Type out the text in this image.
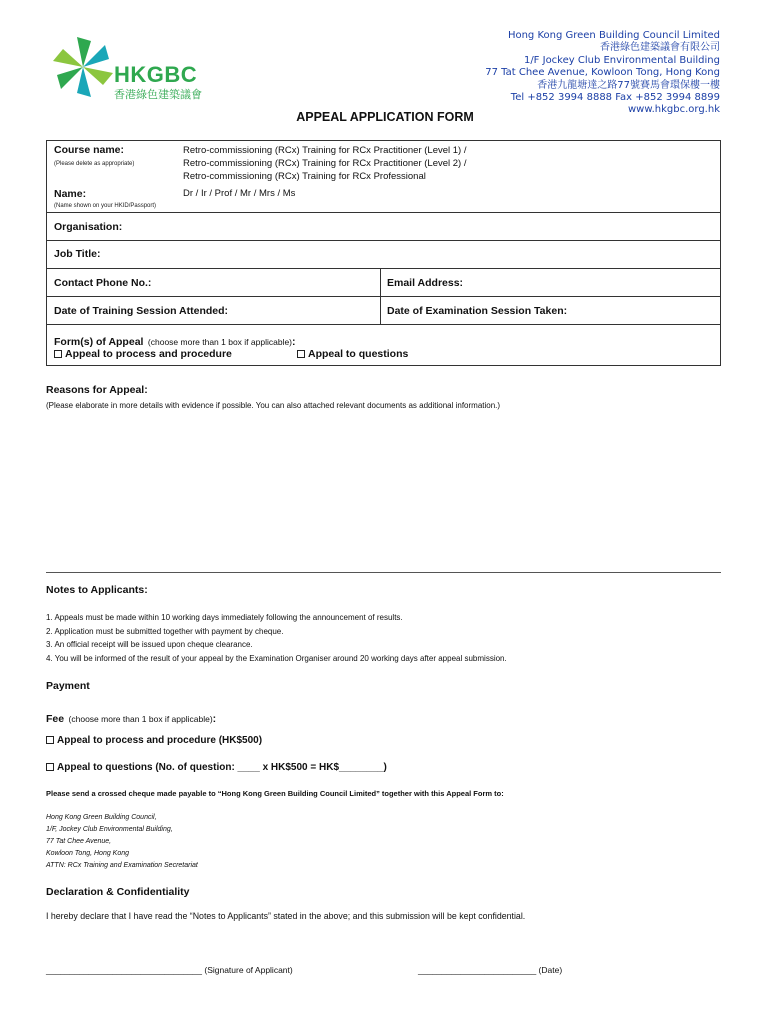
HKGBC
香港綠色建築議會
Hong Kong Green Building Council Limited
香港綠色建築議會有限公司
1/F Jockey Club Environmental Building
77 Tat Chee Avenue, Kowloon Tong, Hong Kong
香港九龍塘達之路77號賽馬會環保樓一樓
Tel +852 3994 8888 Fax +852 3994 8899
www.hkgbc.org.hk
APPEAL APPLICATION FORM
Course name:
(Please delete as appropriate)
Retro-commissioning (RCx) Training for RCx Practitioner (Level 1) /
Retro-commissioning (RCx) Training for RCx Practitioner (Level 2) /
Retro-commissioning (RCx) Training for RCx Professional
Name:
(Name shown on your HKID/Passport)
Dr / Ir / Prof / Mr / Mrs / Ms
Organisation:
Job Title:
Contact Phone No.:	Email Address:
Date of Training Session Attended:	Date of Examination Session Taken:
Form(s) of Appeal (choose more than 1 box if applicable):
Appeal to process and procedure	Appeal to questions
Reasons for Appeal:
(Please elaborate in more details with evidence if possible. You can also attached relevant documents as additional information.)
Notes to Applicants:
1. Appeals must be made within 10 working days immediately following the announcement of results.
2. Application must be submitted together with payment by cheque.
3. An official receipt will be issued upon cheque clearance.
4. You will be informed of the result of your appeal by the Examination Organiser around 20 working days after appeal submission.
Payment
Fee (choose more than 1 box if applicable):
Appeal to process and procedure (HK$500)
Appeal to questions (No. of question: ____ x HK$500 = HK$________)
Please send a crossed cheque made payable to “Hong Kong Green Building Council Limited” together with this Appeal Form to:
Hong Kong Green Building Council,
1/F, Jockey Club Environmental Building,
77 Tat Chee Avenue,
Kowloon Tong, Hong Kong
ATTN: RCx Training and Examination Secretariat
Declaration & Confidentiality
I hereby declare that I have read the “Notes to Applicants” stated in the above; and this submission will be kept confidential.
_________________________________ (Signature of Applicant)	_________________________ (Date)
